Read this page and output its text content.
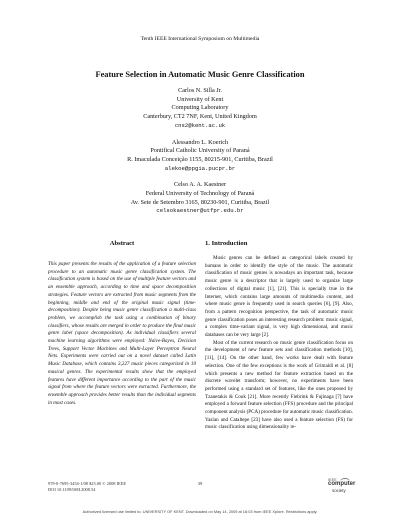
Tenth IEEE International Symposium on Multimedia
Feature Selection in Automatic Music Genre Classification
Carlos N. Silla Jr.
University of Kent
Computing Laboratory
Canterbury, CT2 7NF, Kent, United Kingdom
cns2@kent.ac.uk
Alessandro L. Koerich
Pontifical Catholic University of Paraná
R. Imaculada Conceição 1155, 80215-901, Curitiba, Brazil
alekoe@ppgia.pucpr.br
Celso A. A. Kaestner
Federal University of Technology of Paraná
Av. Sete de Setembro 3165, 80230-901, Curitiba, Brazil
celsokaestner@utfpr.edu.br
Abstract
This paper presents the results of the application of a feature selection procedure to an automatic music genre classification system. The classification system is based on the use of multiple feature vectors and an ensemble approach, according to time and space decomposition strategies. Feature vectors are extracted from music segments from the beginning, middle and end of the original music signal (time-decomposition). Despite being music genre classification a multi-class problem, we accomplish the task using a combination of binary classifiers, whose results are merged in order to produce the final music genre label (space decomposition). As individual classifiers several machine learning algorithms were employed: Naïve-Bayes, Decision Trees, Support Vector Machines and Multi-Layer Perceptron Neural Nets. Experiments were carried out on a novel dataset called Latin Music Database, which contains 3,227 music pieces categorized in 10 musical genres. The experimental results show that the employed features have different importance according to the part of the music signal from where the feature vectors were extracted. Furthermore, the ensemble approach provides better results than the individual segments in most cases.
1. Introduction

Music genres can be defined as categorical labels created by humans in order to identify the style of the music. The automatic classification of music genres is nowadays an important task, because music genre is a descriptor that is largely used to organize large collections of digital music [1], [21]. This is specially true in the Internet, which contains large amounts of multimedia content, and where music genre is frequently used in search queries [6], [9]. Also, from a pattern recognition perspective, the task of automatic music genre classification poses an interesting research problem: music signal, a complex time-variant signal, is very high dimensional, and music databases can be very large [2].

Most of the current research on music genre classification focus on the development of new feature sets and classification methods [10], [11], [14]. On the other hand, few works have dealt with feature selection. One of the few exceptions is the work of Grimaldi et al. [8] which presents a new method for feature extraction based on the discrete wavelet transform; however, no experiments have been performed using a standard set of features, like the ones proposed by Tzanetakis & Cook [21]. More recently Fiebrink & Fujinaga [7] have employed a forward feature selection (FFS) procedure and the principal component analysis (PCA) procedure for automatic music classification. Yaslan and Cataltepe [23] have also used a feature selection (FS) for music classification using dimensionality re-

978-0-7695-3454-1/08 $25.00 © 2008 IEEE
DOI 10.1109/ISM.2008.54
39
IEEE
computer
society
Authorized licensed use limited to: UNIVERSITY OF KENT. Downloaded on May 14, 2009 at 16:03 from IEEE Xplore. Restrictions apply.
